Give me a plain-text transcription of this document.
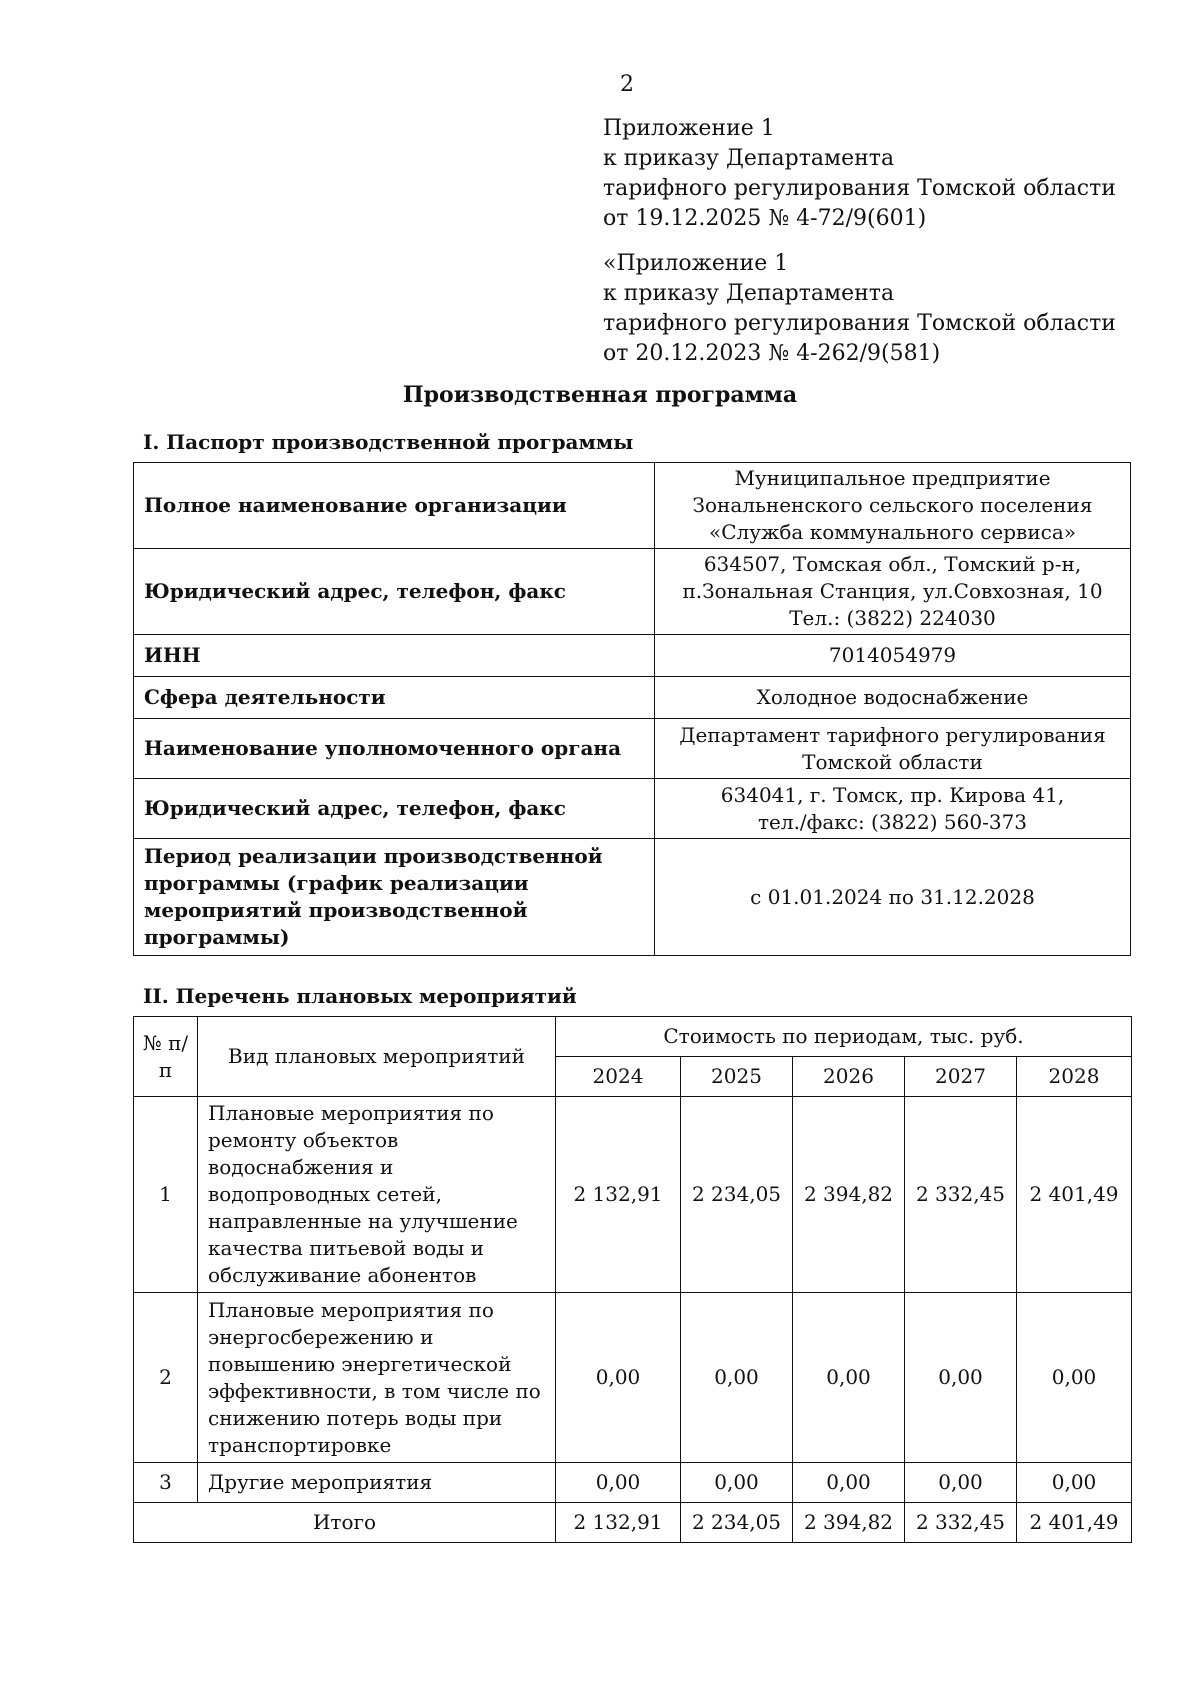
2
Приложение 1
к приказу Департамента
тарифного регулирования Томской области
от 19.12.2025 № 4-72/9(601)
«Приложение 1
к приказу Департамента
тарифного регулирования Томской области
от 20.12.2023 № 4-262/9(581)
Производственная программа
I. Паспорт производственной программы
Полное наименование организации	Муниципальное предприятие
Зональненского сельского поселения
«Служба коммунального сервиса»

Юридический адрес, телефон, факс	634507, Томская обл., Томский р-н,
п.Зональная Станция, ул.Совхозная, 10
Тел.: (3822) 224030

ИНН	7014054979

Сфера деятельности	Холодное водоснабжение

Наименование уполномоченного органа	Департамент тарифного регулирования
Томской области

Юридический адрес, телефон, факс	634041, г. Томск, пр. Кирова 41,
тел./факс: (3822) 560-373

Период реализации производственной программы (график реализации мероприятий производственной программы)	с 01.01.2024 по 31.12.2028
II. Перечень плановых мероприятий
№ п/п	Вид плановых мероприятий	Стоимость по периодам, тыс. руб.				
		2024	2025	2026	2027	2028
1	Плановые мероприятия по ремонту объектов водоснабжения и водопроводных сетей, направленные на улучшение качества питьевой воды и обслуживание абонентов	2 132,91	2 234,05	2 394,82	2 332,45	2 401,49
2	Плановые мероприятия по энергосбережению и повышению энергетической эффективности, в том числе по снижению потерь воды при транспортировке	0,00	0,00	0,00	0,00	0,00
3	Другие мероприятия	0,00	0,00	0,00	0,00	0,00
Итого		2 132,91	2 234,05	2 394,82	2 332,45	2 401,49
